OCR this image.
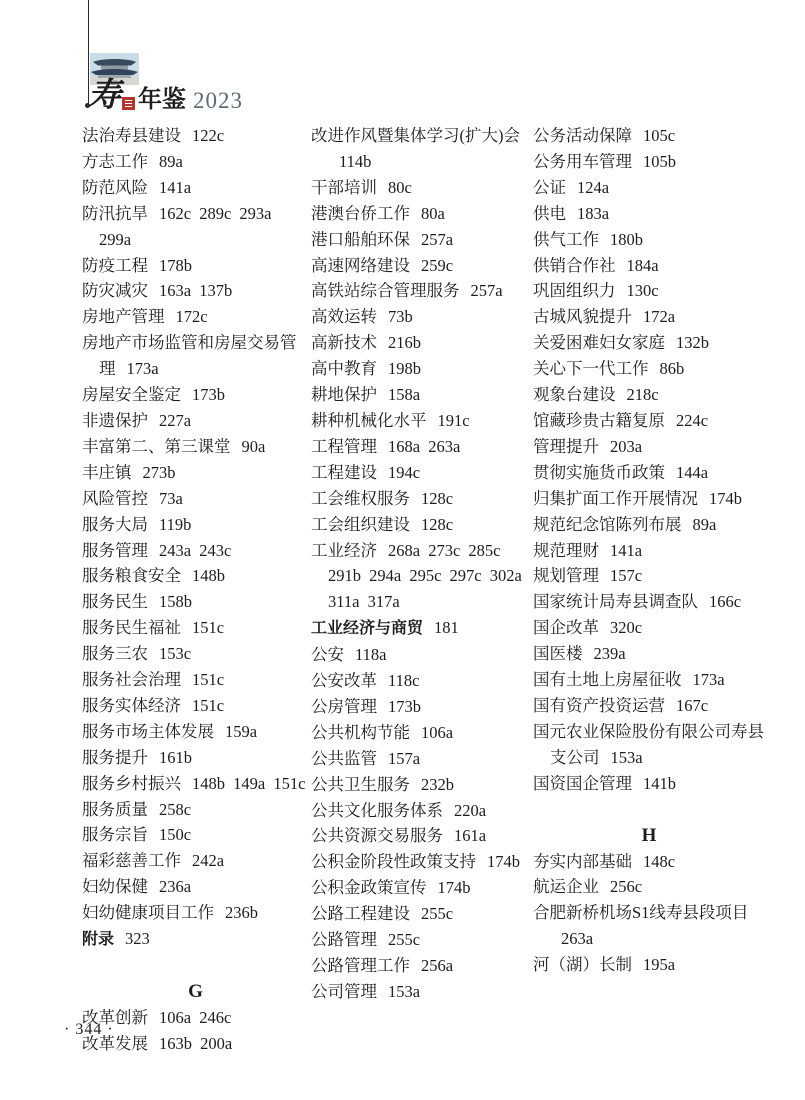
寿 年鉴 2023

法治寿县建设 122c

方志工作 89a

防范风险 141a

防汛抗旱 162c 289c 293a 299a

防疫工程 178b

防灾减灾 163a 137b

房地产管理 172c

房地产市场监管和房屋交易管理 173a

房屋安全鉴定 173b

非遗保护 227a

丰富第二、第三课堂 90a

丰庄镇 273b

风险管控 73a

服务大局 119b

服务管理 243a 243c

服务粮食安全 148b

服务民生 158b

服务民生福祉 151c

服务三农 153c

服务社会治理 151c

服务实体经济 151c

服务市场主体发展 159a

服务提升 161b

服务乡村振兴 148b 149a 151c

服务质量 258c

服务宗旨 150c

福彩慈善工作 242a

妇幼保健 236a

妇幼健康项目工作 236b

附录 323

G

改革创新 106a 246c

改革发展 163b 200a

改进作风暨集体学习(扩大)会114b

干部培训 80c

港澳台侨工作 80a

港口船舶环保 257a

高速网络建设 259c

高铁站综合管理服务 257a

高效运转 73b

高新技术 216b

高中教育 198b

耕地保护 158a

耕种机械化水平 191c

工程管理 168a 263a

工程建设 194c

工会维权服务 128c

工会组织建设 128c

工业经济 268a 273c 285c 291b 294a 295c 297c 302a 311a 317a

工业经济与商贸 181

公安 118a

公安改革 118c

公房管理 173b

公共机构节能 106a

公共监管 157a

公共卫生服务 232b

公共文化服务体系 220a

公共资源交易服务 161a

公积金阶段性政策支持 174b

公积金政策宣传 174b

公路工程建设 255c

公路管理 255c

公路管理工作 256a

公司管理 153a

公务活动保障 105c

公务用车管理 105b

公证 124a

供电 183a

供气工作 180b

供销合作社 184a

巩固组织力 130c

古城风貌提升 172a

关爱困难妇女家庭 132b

关心下一代工作 86b

观象台建设 218c

馆藏珍贵古籍复原 224c

管理提升 203a

贯彻实施货币政策 144a

归集扩面工作开展情况 174b

规范纪念馆陈列布展 89a

规范理财 141a

规划管理 157c

国家统计局寿县调查队 166c

国企改革 320c

国医楼 239a

国有土地上房屋征收 173a

国有资产投资运营 167c

国元农业保险股份有限公司寿县支公司 153a

国资国企管理 141b

H

夯实内部基础 148c

航运企业 256c

合肥新桥机场S1线寿县段项目263a

河（湖）长制 195a

· 344 ·
